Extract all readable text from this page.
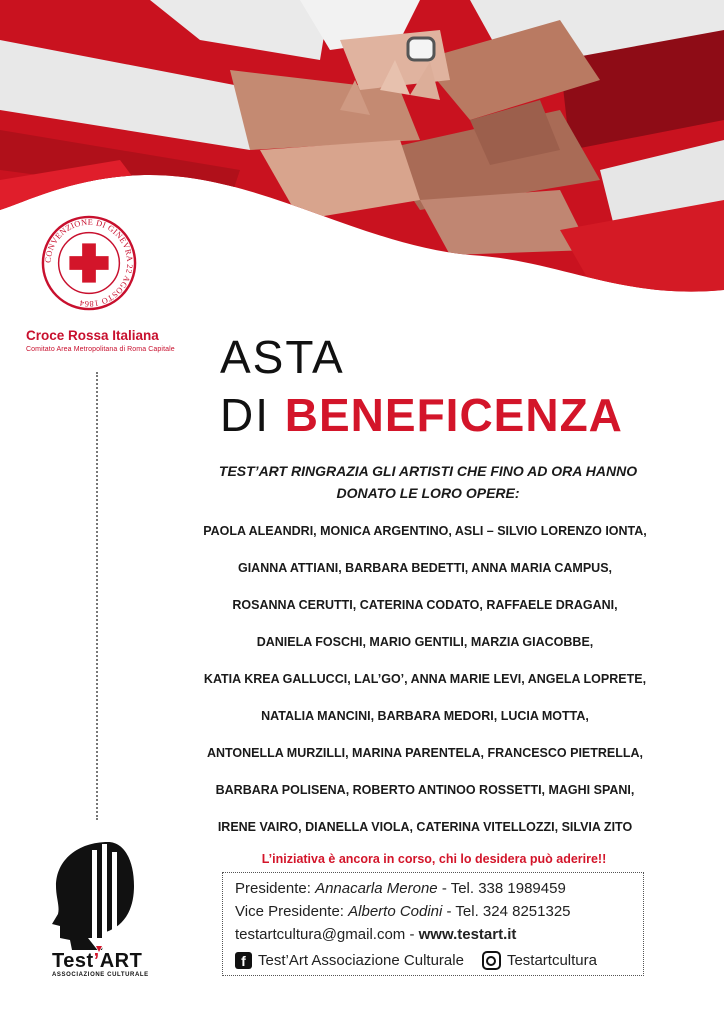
CONVENZIONE DI GINEVRA 22 AGOSTO 1864
Croce Rossa Italiana
Comitato Area Metropolitana di Roma Capitale ASTA
DI BENEFICENZA
TEST’ART RINGRAZIA GLI ARTISTI CHE FINO AD ORA HANNO
DONATO LE LORO OPERE:
PAOLA ALEANDRI, MONICA ARGENTINO, ASLI – SILVIO LORENZO IONTA,
GIANNA ATTIANI, BARBARA BEDETTI, ANNA MARIA CAMPUS,
ROSANNA CERUTTI, CATERINA CODATO, RAFFAELE DRAGANI,
DANIELA FOSCHI, MARIO GENTILI, MARZIA GIACOBBE,
KATIA KREA GALLUCCI, LAL’GO’, ANNA MARIE LEVI, ANGELA LOPRETE,
NATALIA MANCINI, BARBARA MEDORI, LUCIA MOTTA,
ANTONELLA MURZILLI, MARINA PARENTELA, FRANCESCO PIETRELLA,
BARBARA POLISENA, ROBERTO ANTINOO ROSSETTI, MAGHI SPANI,
IRENE VAIRO, DIANELLA VIOLA, CATERINA VITELLOZZI, SILVIA ZITO
L’iniziativa è ancora in corso, chi lo desidera può aderire!!
Presidente: Annacarla Merone - Tel. 338 1989459
Vice Presidente: Alberto Codini - Tel. 324 8251325
testartcultura@gmail.com - www.testart.it
f Test’Art Associazione Culturale	Testartcultura
Test’ART
ASSOCIAZIONE CULTURALE
